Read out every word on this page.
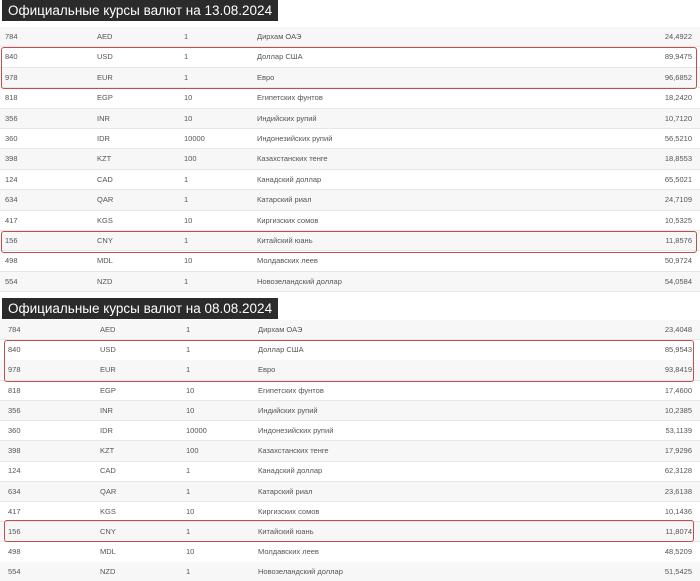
Официальные курсы валют на 13.08.2024
784	AED	1	Дирхам ОАЭ	24,4922
840	USD	1	Доллар США	89,9475
978	EUR	1	Евро	96,6852
818	EGP	10	Египетских фунтов	18,2420
356	INR	10	Индийских рупий	10,7120
360	IDR	10000	Индонезийских рупий	56,5210
398	KZT	100	Казахстанских тенге	18,8553
124	CAD	1	Канадский доллар	65,5021
634	QAR	1	Катарский риал	24,7109
417	KGS	10	Киргизских сомов	10,5325
156	CNY	1	Китайский юань	11,8576
498	MDL	10	Молдавских леев	50,9724
554	NZD	1	Новозеландский доллар	54,0584
Официальные курсы валют на 08.08.2024
784	AED	1	Дирхам ОАЭ	23,4048
840	USD	1	Доллар США	85,9543
978	EUR	1	Евро	93,8419
818	EGP	10	Египетских фунтов	17,4600
356	INR	10	Индийских рупий	10,2385
360	IDR	10000	Индонезийских рупий	53,1139
398	KZT	100	Казахстанских тенге	17,9296
124	CAD	1	Канадский доллар	62,3128
634	QAR	1	Катарский риал	23,6138
417	KGS	10	Киргизских сомов	10,1436
156	CNY	1	Китайский юань	11,8074
498	MDL	10	Молдавских леев	48,5209
554	NZD	1	Новозеландский доллар	51,5425
